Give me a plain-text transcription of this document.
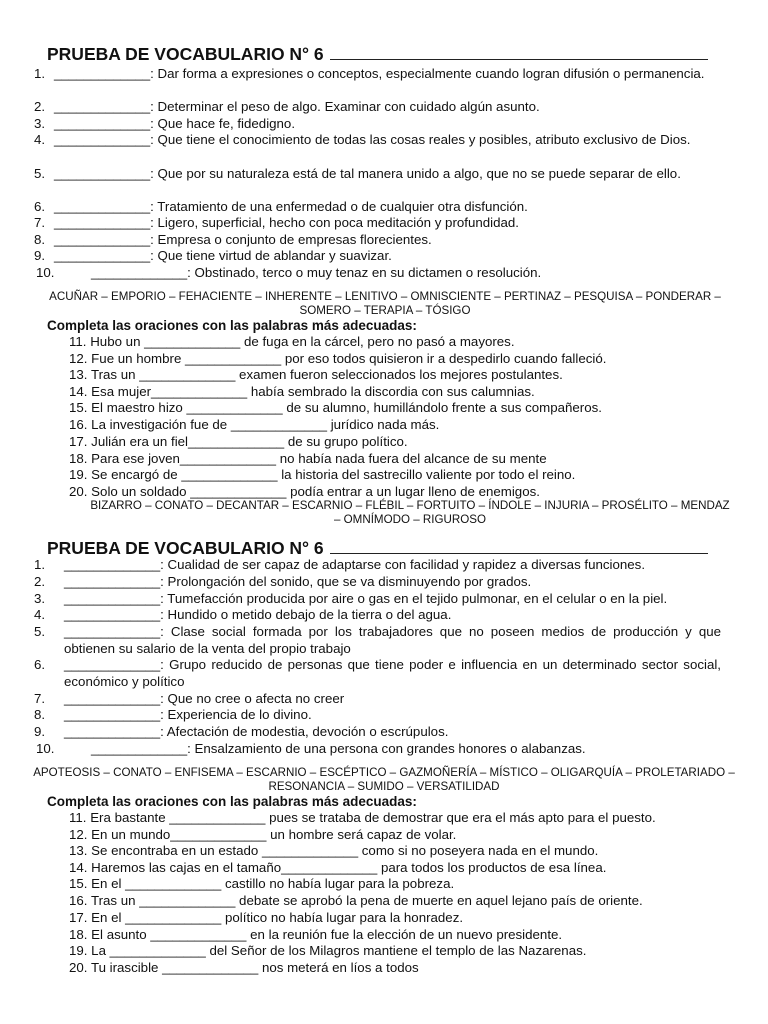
PRUEBA DE VOCABULARIO N° 6
1. _____________: Dar forma a expresiones o conceptos, especialmente cuando logran difusión o permanencia.
2. _____________: Determinar el peso de algo. Examinar con cuidado algún asunto.
3. _____________: Que hace fe, fidedigno.
4. _____________: Que tiene el conocimiento de todas las cosas reales y posibles, atributo exclusivo de Dios.
5. _____________: Que por su naturaleza está de tal manera unido a algo, que no se puede separar de ello.
6. _____________: Tratamiento de una enfermedad o de cualquier otra disfunción.
7. _____________: Ligero, superficial, hecho con poca meditación y profundidad.
8. _____________: Empresa o conjunto de empresas florecientes.
9. _____________: Que tiene virtud de ablandar y suavizar.
10.	_____________: Obstinado, terco o muy tenaz en su dictamen o resolución.
ACUÑAR – EMPORIO – FEHACIENTE – INHERENTE – LENITIVO – OMNISCIENTE – PERTINAZ – PESQUISA – PONDERAR – SOMERO – TERAPIA – TÓSIGO
Completa las oraciones con las palabras más adecuadas:
11. Hubo un _____________ de fuga en la cárcel, pero no pasó a mayores.
12. Fue un hombre _____________ por eso todos quisieron ir a despedirlo cuando falleció.
13. Tras un _____________ examen fueron seleccionados los mejores postulantes.
14. Esa mujer_____________ había sembrado la discordia con sus calumnias.
15. El maestro hizo _____________ de su alumno, humillándolo frente a sus compañeros.
16. La investigación fue de _____________ jurídico nada más.
17. Julián era un fiel_____________ de su grupo político.
18. Para ese joven_____________ no había nada fuera del alcance de su mente
19. Se encargó de _____________ la historia del sastrecillo valiente por todo el reino.
20. Solo un soldado _____________ podía entrar a un lugar lleno de enemigos.
BIZARRO – CONATO – DECANTAR – ESCARNIO – FLÉBIL – FORTUITO – ÍNDOLE – INJURIA – PROSÉLITO – MENDAZ – OMNÍMODO – RIGUROSO
PRUEBA DE VOCABULARIO N° 6
1. _____________: Cualidad de ser capaz de adaptarse con facilidad y rapidez a diversas funciones.
2. _____________: Prolongación del sonido, que se va disminuyendo por grados.
3. _____________: Tumefacción producida por aire o gas en el tejido pulmonar, en el celular o en la piel.
4. _____________: Hundido o metido debajo de la tierra o del agua.
5. _____________: Clase social formada por los trabajadores que no poseen medios de producción y que obtienen su salario de la venta del propio trabajo
6. _____________: Grupo reducido de personas que tiene poder e influencia en un determinado sector social, económico y político
7. _____________: Que no cree o afecta no creer
8. _____________: Experiencia de lo divino.
9. _____________: Afectación de modestia, devoción o escrúpulos.
10.	_____________: Ensalzamiento de una persona con grandes honores o alabanzas.
APOTEOSIS – CONATO – ENFISEMA – ESCARNIO – ESCÉPTICO – GAZMOÑERÍA – MÍSTICO – OLIGARQUÍA – PROLETARIADO – RESONANCIA – SUMIDO – VERSATILIDAD
Completa las oraciones con las palabras más adecuadas:
11. Era bastante _____________ pues se trataba de demostrar que era el más apto para el puesto.
12. En un mundo_____________ un hombre será capaz de volar.
13. Se encontraba en un estado _____________ como si no poseyera nada en el mundo.
14. Haremos las cajas en el tamaño_____________ para todos los productos de esa línea.
15. En el _____________ castillo no había lugar para la pobreza.
16. Tras un _____________ debate se aprobó la pena de muerte en aquel lejano país de oriente.
17. En el _____________ político no había lugar para la honradez.
18. El asunto _____________ en la reunión fue la elección de un nuevo presidente.
19. La _____________ del Señor de los Milagros mantiene el templo de las Nazarenas.
20. Tu irascible _____________ nos meterá en líos a todos
